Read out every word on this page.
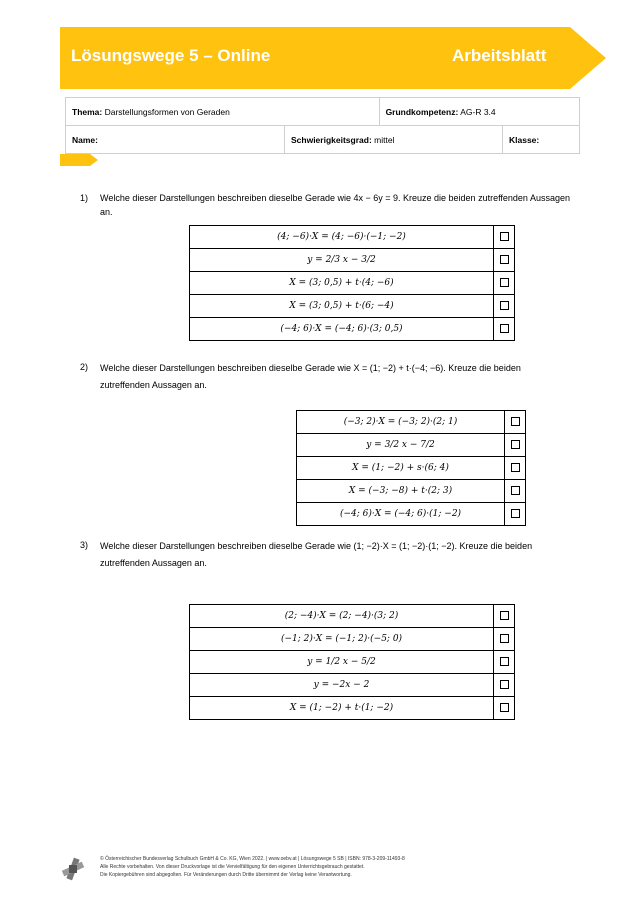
Lösungswege 5 – Online	Arbeitsblatt
Thema: Darstellungsformen von Geraden		Grundkompetenz: AG-R 3.4	
Name:	Schwierigkeitsgrad: mittel		Klasse:
1) Welche dieser Darstellungen beschreiben dieselbe Gerade wie 4x − 6y = 9. Kreuze die beiden zutreffenden Aussagen an.
(4; −6)·X = (4; −6)·(−1; −2)	
y = 2/3 x − 3/2	
X = (3; 0,5) + t·(4; −6)	
X = (3; 0,5) + t·(6; −4)	
(−4; 6)·X = (−4; 6)·(3; 0,5)	
2) Welche dieser Darstellungen beschreiben dieselbe Gerade wie X = (1; −2) + t·(−4; −6). Kreuze die beiden zutreffenden Aussagen an.
(−3; 2)·X = (−3; 2)·(2; 1)	
y = 3/2 x − 7/2	
X = (1; −2) + s·(6; 4)	
X = (−3; −8) + t·(2; 3)	
(−4; 6)·X = (−4; 6)·(1; −2)	
3) Welche dieser Darstellungen beschreiben dieselbe Gerade wie (1; −2)·X = (1; −2)·(1; −2). Kreuze die beiden zutreffenden Aussagen an.
(2; −4)·X = (2; −4)·(3; 2)	
(−1; 2)·X = (−1; 2)·(−5; 0)	
y = 1/2 x − 5/2	
y = −2x − 2	
X = (1; −2) + t·(1; −2)	
© Österreichischer Bundesverlag Schulbuch GmbH & Co. KG, Wien 2022. | www.oebv.at | Lösungswege 5 SB | ISBN: 978-3-209-11493-8
Alle Rechte vorbehalten. Von dieser Druckvorlage ist die Vervielfältigung für den eigenen Unterrichtsgebrauch gestattet.
Die Kopiergebühren sind abgegolten. Für Veränderungen durch Dritte übernimmt der Verlag keine Verantwortung.
